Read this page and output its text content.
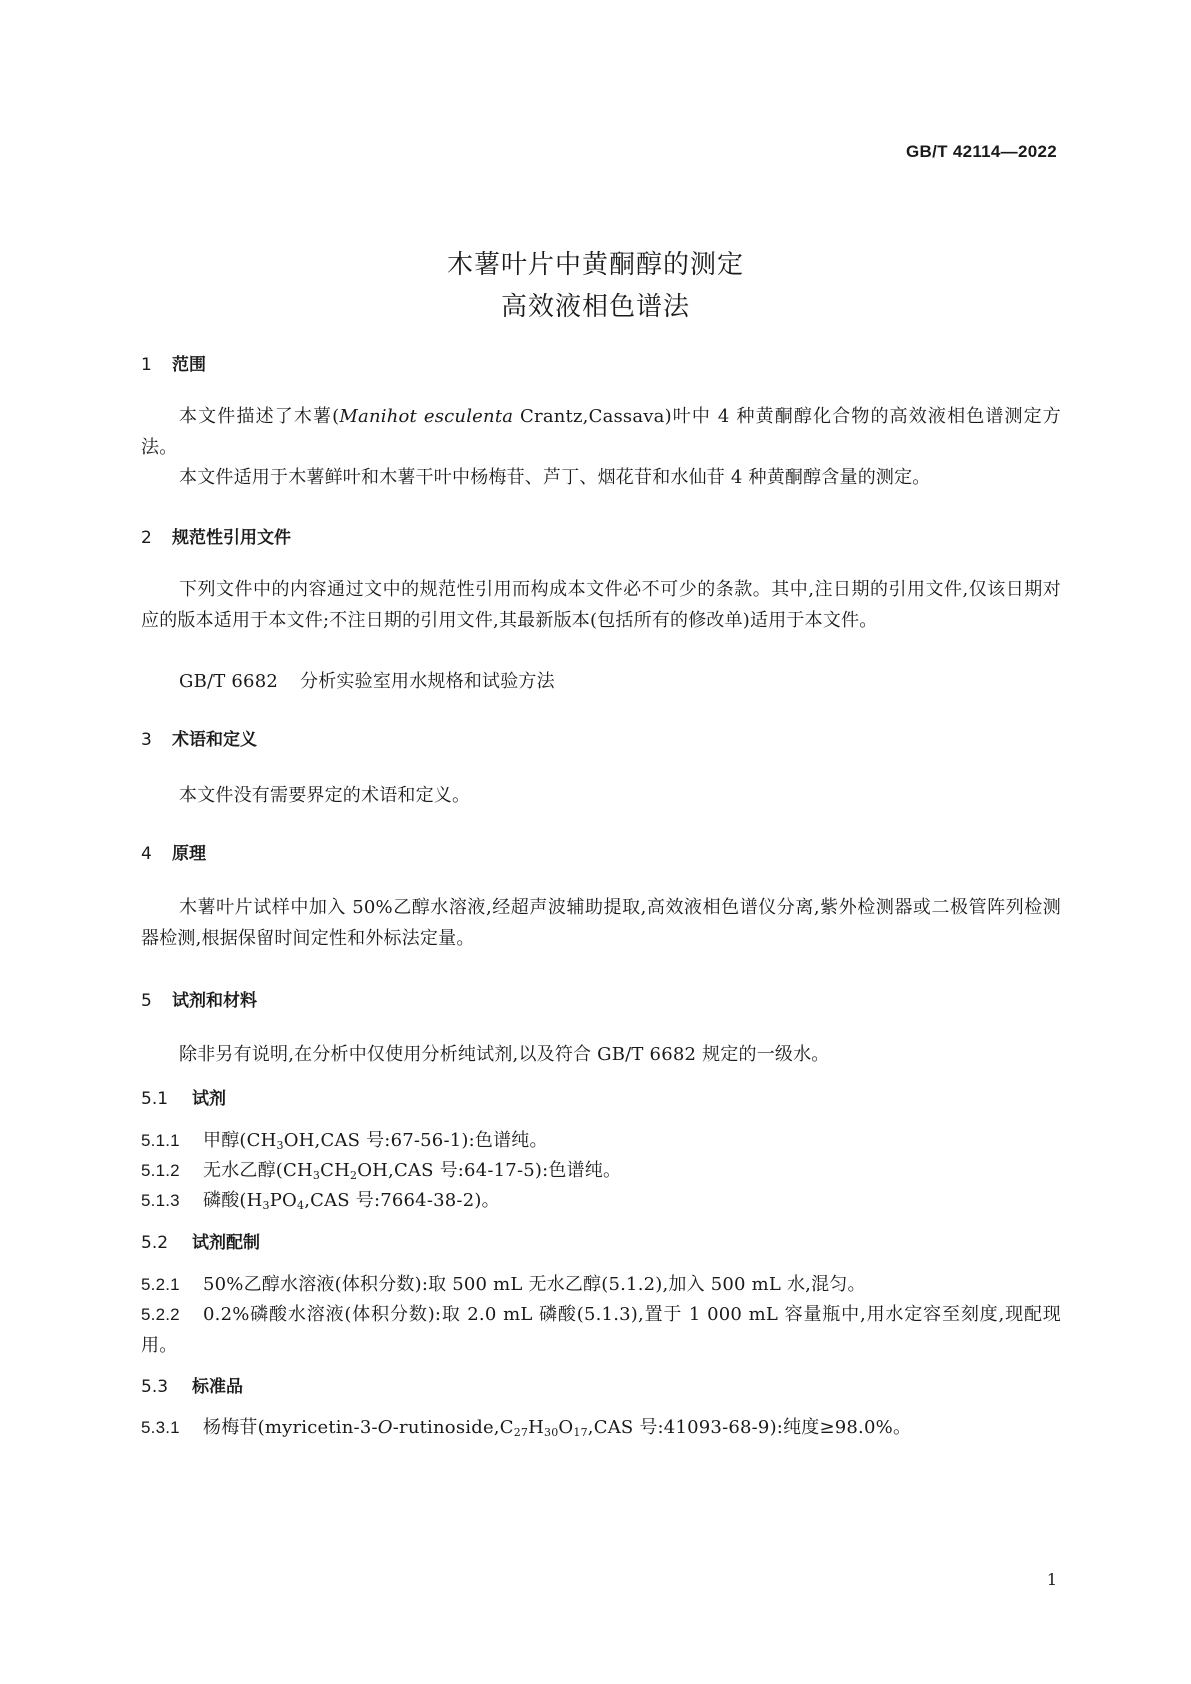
GB/T 42114—2022
木薯叶片中黄酮醇的测定
高效液相色谱法
1 范围
本文件描述了木薯(Manihot esculenta Crantz,Cassava)叶中 4 种黄酮醇化合物的高效液相色谱测定方法。
本文件适用于木薯鲜叶和木薯干叶中杨梅苷、芦丁、烟花苷和水仙苷 4 种黄酮醇含量的测定。
2 规范性引用文件
下列文件中的内容通过文中的规范性引用而构成本文件必不可少的条款。其中,注日期的引用文件,仅该日期对应的版本适用于本文件;不注日期的引用文件,其最新版本(包括所有的修改单)适用于本文件。
GB/T 6682 分析实验室用水规格和试验方法
3 术语和定义
本文件没有需要界定的术语和定义。
4 原理
木薯叶片试样中加入 50%乙醇水溶液,经超声波辅助提取,高效液相色谱仪分离,紫外检测器或二极管阵列检测器检测,根据保留时间定性和外标法定量。
5 试剂和材料
除非另有说明,在分析中仅使用分析纯试剂,以及符合 GB/T 6682 规定的一级水。
5.1 试剂
5.1.1 甲醇($CH_3OH,CAS$ 号:67-56-1):色谱纯。
5.1.2 无水乙醇($CH_3CH_2OH,CAS$ 号:64-17-5):色谱纯。
5.1.3 磷酸($H_3PO_4,CAS$ 号:7664-38-2)。
5.2 试剂配制
5.2.1 50%乙醇水溶液(体积分数):取 500 mL 无水乙醇(5.1.2),加入 500 mL 水,混匀。
5.2.2 0.2%磷酸水溶液(体积分数):取 2.0 mL 磷酸(5.1.3),置于 1 000 mL 容量瓶中,用水定容至刻度,现配现用。
5.3 标准品
5.3.1 杨梅苷($myricetin-3-O-rutinoside,C_{27}H_{30}O_{17},CAS$ 号:41093-68-9):纯度≥98.0%。
1
